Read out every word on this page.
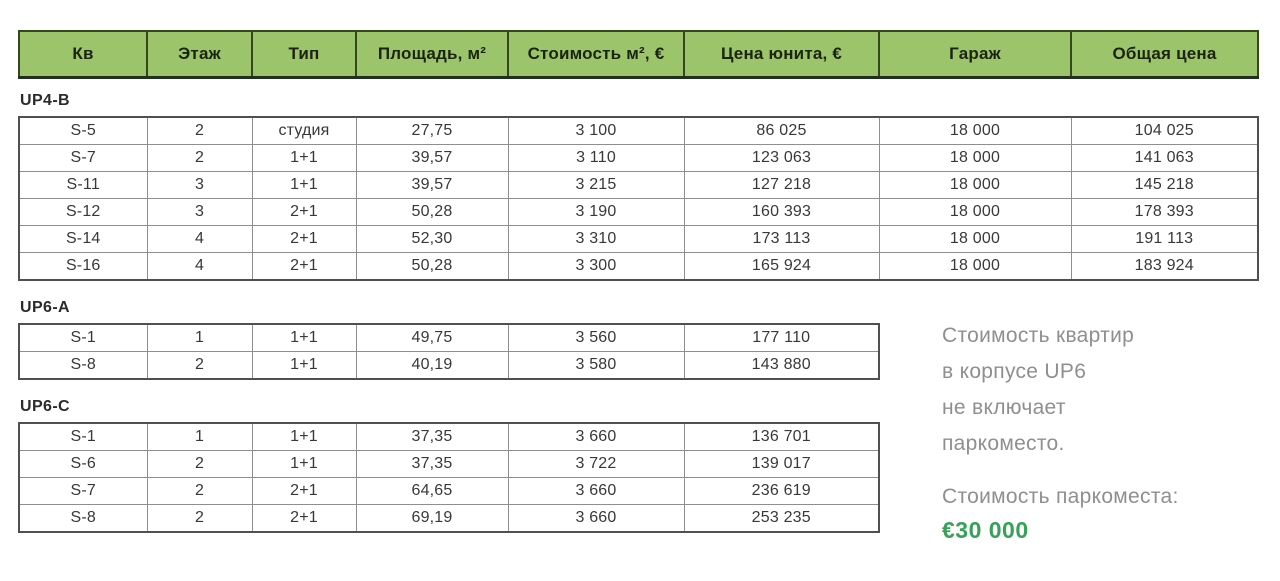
Кв	Этаж	Тип	Площадь, м²	Стоимость м², €	Цена юнита, €	Гараж	Общая цена
UP4-B
S-5	2	студия	27,75	3 100	86 025	18 000	104 025
S-7	2	1+1	39,57	3 110	123 063	18 000	141 063
S-11	3	1+1	39,57	3 215	127 218	18 000	145 218
S-12	3	2+1	50,28	3 190	160 393	18 000	178 393
S-14	4	2+1	52,30	3 310	173 113	18 000	191 113
S-16	4	2+1	50,28	3 300	165 924	18 000	183 924
UP6-A
S-1	1	1+1	49,75	3 560	177 110
S-8	2	1+1	40,19	3 580	143 880
UP6-C
S-1	1	1+1	37,35	3 660	136 701
S-6	2	1+1	37,35	3 722	139 017
S-7	2	2+1	64,65	3 660	236 619
S-8	2	2+1	69,19	3 660	253 235
Стоимость квартир
в корпусе UP6
не включает
паркоместо.
Стоимость паркоместа:
€30 000
